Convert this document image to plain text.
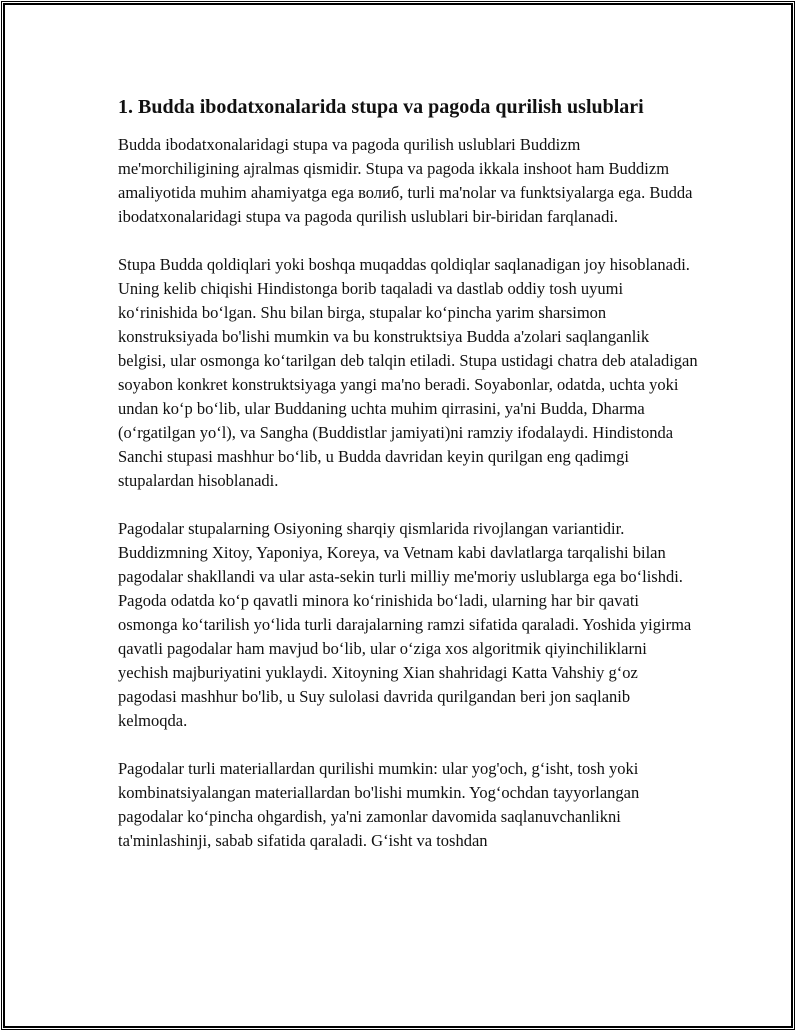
1. Budda ibodatxonalarida stupa va pagoda qurilish uslublari

Budda ibodatxonalaridagi stupa va pagoda qurilish uslublari Buddizm me'morchiligining ajralmas qismidir. Stupa va pagoda ikkala inshoot ham Buddizm amaliyotida muhim ahamiyatga ega волиб, turli ma'nolar va funktsiyalarga ega. Budda ibodatxonalaridagi stupa va pagoda qurilish uslublari bir-biridan farqlanadi.

Stupa Budda qoldiqlari yoki boshqa muqaddas qoldiqlar saqlanadigan joy hisoblanadi. Uning kelib chiqishi Hindistonga borib taqaladi va dastlab oddiy tosh uyumi ko‘rinishida bo‘lgan. Shu bilan birga, stupalar ko‘pincha yarim sharsimon konstruksiyada bo'lishi mumkin va bu konstruktsiya Budda a'zolari saqlanganlik belgisi, ular osmonga ko‘tarilgan deb talqin etiladi. Stupa ustidagi chatra deb ataladigan soyabon konkret konstruktsiyaga yangi ma'no beradi. Soyabonlar, odatda, uchta yoki undan ko‘p bo‘lib, ular Buddaning uchta muhim qirrasini, ya'ni Budda, Dharma (o‘rgatilgan yo‘l), va Sangha (Buddistlar jamiyati)ni ramziy ifodalaydi. Hindistonda Sanchi stupasi mashhur bo‘lib, u Budda davridan keyin qurilgan eng qadimgi stupalardan hisoblanadi.

Pagodalar stupalarning Osiyoning sharqiy qismlarida rivojlangan variantidir. Buddizmning Xitoy, Yaponiya, Koreya, va Vetnam kabi davlatlarga tarqalishi bilan pagodalar shakllandi va ular asta-sekin turli milliy me'moriy uslublarga ega bo‘lishdi. Pagoda odatda ko‘p qavatli minora ko‘rinishida bo‘ladi, ularning har bir qavati osmonga ko‘tarilish yo‘lida turli darajalarning ramzi sifatida qaraladi. Yoshida yigirma qavatli pagodalar ham mavjud bo‘lib, ular o‘ziga xos algoritmik qiyinchiliklarni yechish majburiyatini yuklaydi. Xitoyning Xian shahridagi Katta Vahshiy g‘oz pagodasi mashhur bo'lib, u Suy sulolasi davrida qurilgandan beri jon saqlanib kelmoqda.

Pagodalar turli materiallardan qurilishi mumkin: ular yog'och, g‘isht, tosh yoki kombinatsiyalangan materiallardan bo'lishi mumkin. Yog‘ochdan tayyorlangan pagodalar ko‘pincha ohgardish, ya'ni zamonlar davomida saqlanuvchanlikni ta'minlashinji, sabab sifatida qaraladi. G‘isht va toshdan
